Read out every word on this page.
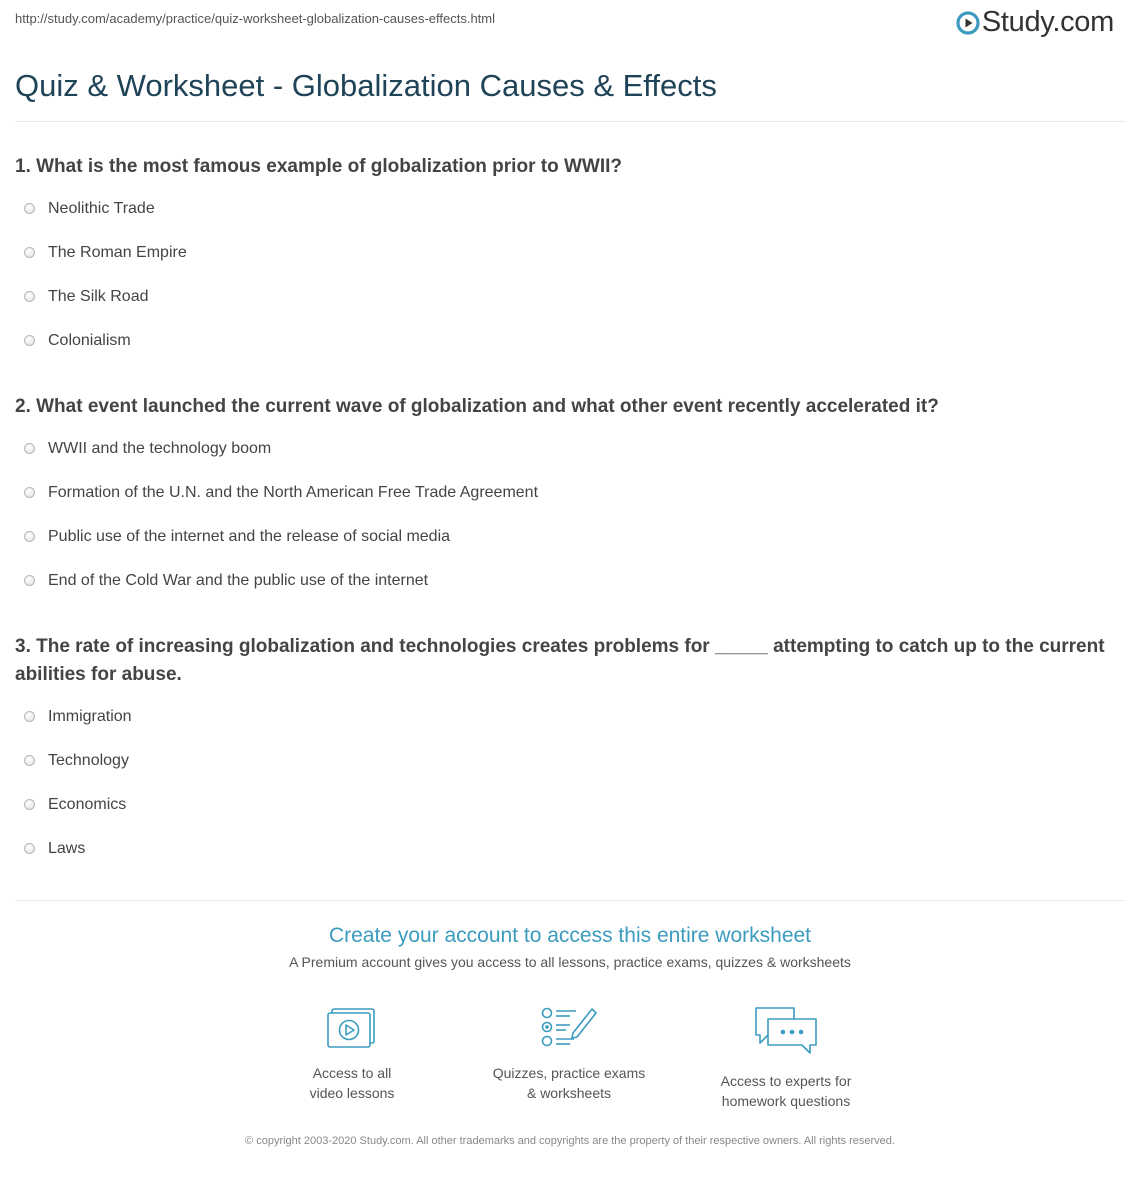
http://study.com/academy/practice/quiz-worksheet-globalization-causes-effects.html	Study.com
Quiz & Worksheet - Globalization Causes & Effects

1. What is the most famous example of globalization prior to WWII?

Neolithic Trade
The Roman Empire
The Silk Road
Colonialism

2. What event launched the current wave of globalization and what other event recently accelerated it?

WWII and the technology boom
Formation of the U.N. and the North American Free Trade Agreement
Public use of the internet and the release of social media
End of the Cold War and the public use of the internet

3. The rate of increasing globalization and technologies creates problems for _____ attempting to catch up to the current abilities for abuse.

Immigration
Technology
Economics
Laws
Create your account to access this entire worksheet
A Premium account gives you access to all lessons, practice exams, quizzes & worksheets
Access to all
video lessons
Quizzes, practice exams
& worksheets
Access to experts for
homework questions
© copyright 2003-2020 Study.com. All other trademarks and copyrights are the property of their respective owners. All rights reserved.
